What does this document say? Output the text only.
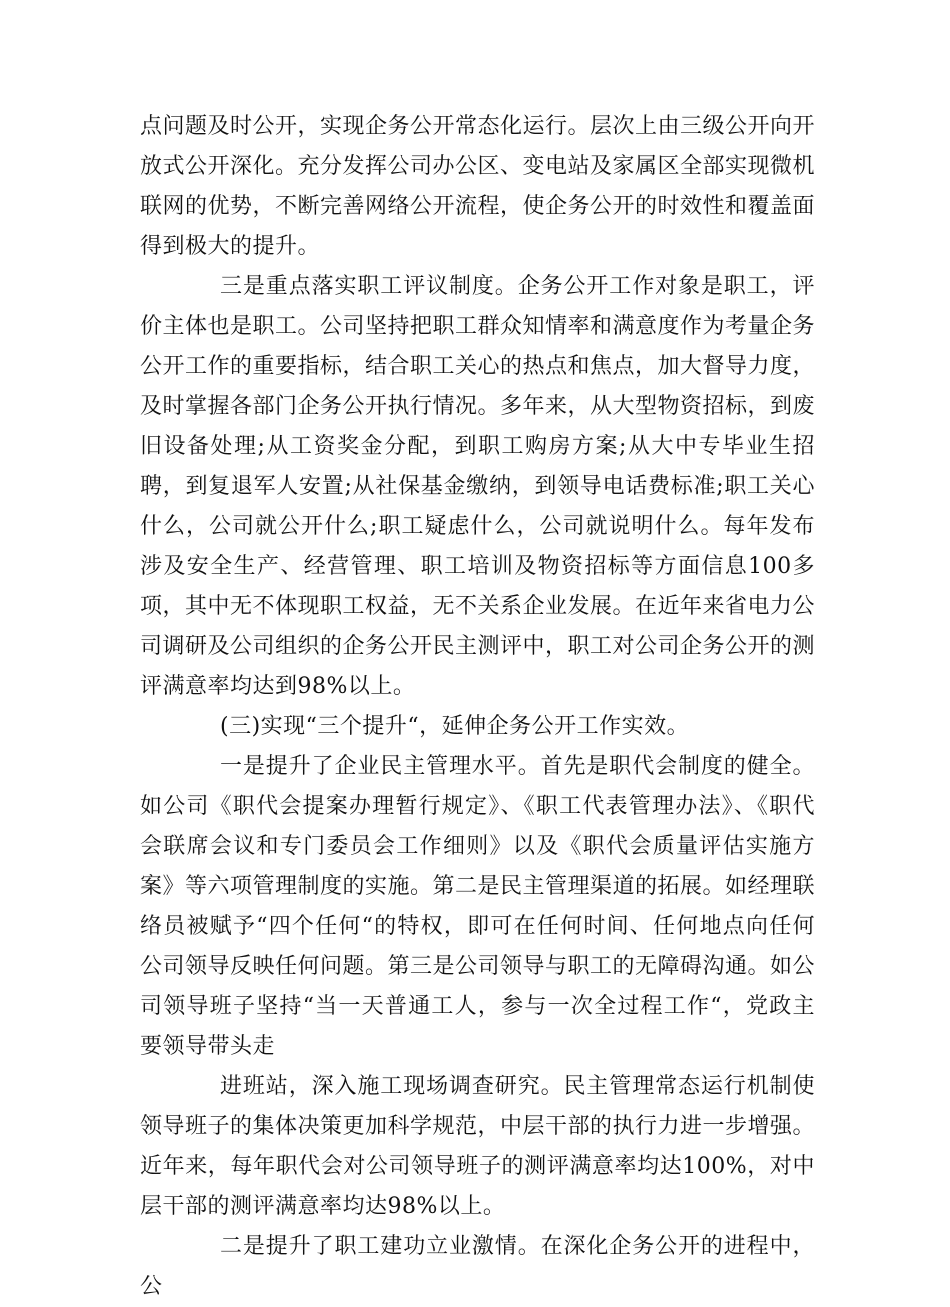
点问题及时公开，实现企务公开常态化运行。层次上由三级公开向开放式公开深化。充分发挥公司办公区、变电站及家属区全部实现微机联网的优势，不断完善网络公开流程，使企务公开的时效性和覆盖面得到极大的提升。

三是重点落实职工评议制度。企务公开工作对象是职工，评价主体也是职工。公司坚持把职工群众知情率和满意度作为考量企务公开工作的重要指标，结合职工关心的热点和焦点，加大督导力度，及时掌握各部门企务公开执行情况。多年来，从大型物资招标，到废旧设备处理;从工资奖金分配，到职工购房方案;从大中专毕业生招聘，到复退军人安置;从社保基金缴纳，到领导电话费标准;职工关心什么，公司就公开什么;职工疑虑什么，公司就说明什么。每年发布涉及安全生产、经营管理、职工培训及物资招标等方面信息100多项，其中无不体现职工权益，无不关系企业发展。在近年来省电力公司调研及公司组织的企务公开民主测评中，职工对公司企务公开的测评满意率均达到98%以上。

(三)实现“三个提升“，延伸企务公开工作实效。

一是提升了企业民主管理水平。首先是职代会制度的健全。如公司《职代会提案办理暂行规定》、《职工代表管理办法》、《职代会联席会议和专门委员会工作细则》以及《职代会质量评估实施方案》等六项管理制度的实施。第二是民主管理渠道的拓展。如经理联络员被赋予“四个任何“的特权，即可在任何时间、任何地点向任何公司领导反映任何问题。第三是公司领导与职工的无障碍沟通。如公司领导班子坚持“当一天普通工人，参与一次全过程工作“，党政主要领导带头走

进班站，深入施工现场调查研究。民主管理常态运行机制使领导班子的集体决策更加科学规范，中层干部的执行力进一步增强。近年来，每年职代会对公司领导班子的测评满意率均达100%，对中层干部的测评满意率均达98%以上。

二是提升了职工建功立业激情。在深化企务公开的进程中，公
